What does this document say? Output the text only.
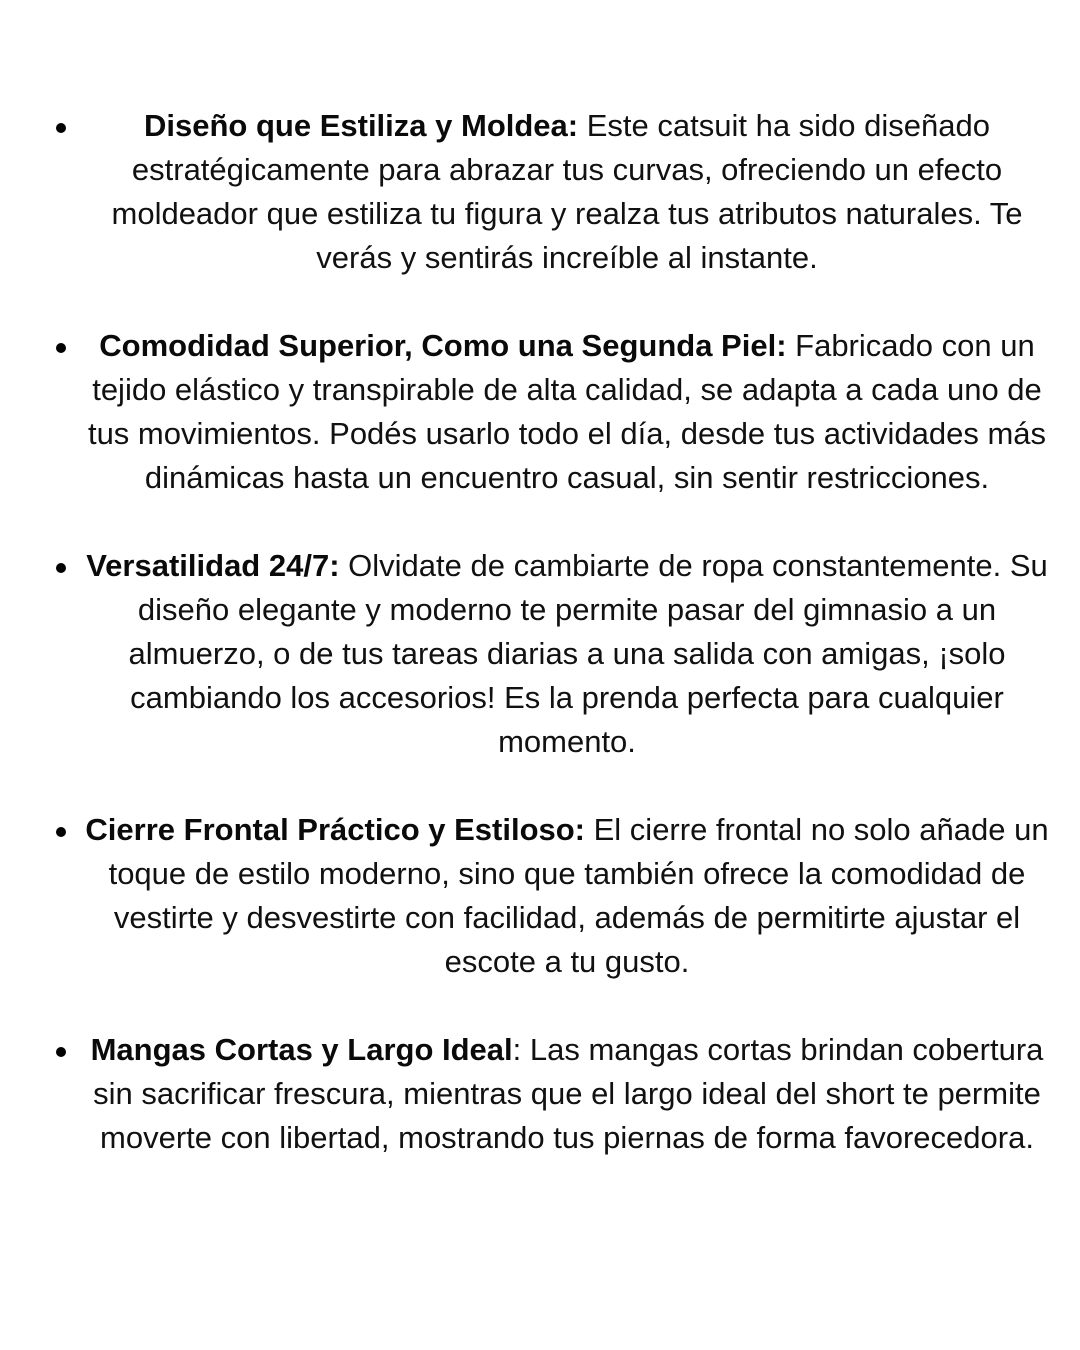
Diseño que Estiliza y Moldea: Este catsuit ha sido diseñado estratégicamente para abrazar tus curvas, ofreciendo un efecto moldeador que estiliza tu figura y realza tus atributos naturales. Te verás y sentirás increíble al instante.
Comodidad Superior, Como una Segunda Piel: Fabricado con un tejido elástico y transpirable de alta calidad, se adapta a cada uno de tus movimientos. Podés usarlo todo el día, desde tus actividades más dinámicas hasta un encuentro casual, sin sentir restricciones.
Versatilidad 24/7: Olvidate de cambiarte de ropa constantemente. Su diseño elegante y moderno te permite pasar del gimnasio a un almuerzo, o de tus tareas diarias a una salida con amigas, ¡solo cambiando los accesorios! Es la prenda perfecta para cualquier momento.
Cierre Frontal Práctico y Estiloso: El cierre frontal no solo añade un toque de estilo moderno, sino que también ofrece la comodidad de vestirte y desvestirte con facilidad, además de permitirte ajustar el escote a tu gusto.
Mangas Cortas y Largo Ideal: Las mangas cortas brindan cobertura sin sacrificar frescura, mientras que el largo ideal del short te permite moverte con libertad, mostrando tus piernas de forma favorecedora.
